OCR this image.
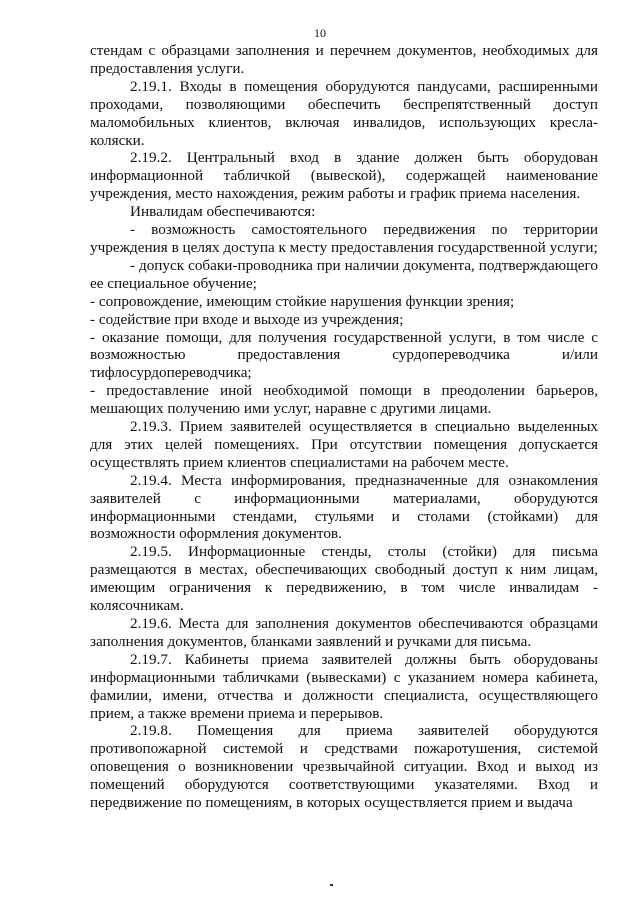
10

стендам с образцами заполнения и перечнем документов, необходимых для предоставления услуги.

2.19.1. Входы в помещения оборудуются пандусами, расширенными проходами, позволяющими обеспечить беспрепятственный доступ маломобильных клиентов, включая инвалидов, использующих кресла-коляски.

2.19.2. Центральный вход в здание должен быть оборудован информационной табличкой (вывеской), содержащей наименование учреждения, место нахождения, режим работы и график приема населения.

Инвалидам обеспечиваются:

- возможность самостоятельного передвижения по территории учреждения в целях доступа к месту предоставления государственной услуги;

- допуск собаки-проводника при наличии документа, подтверждающего ее специальное обучение;

- сопровождение, имеющим стойкие нарушения функции зрения;

- содействие при входе и выходе из учреждения;

- оказание помощи, для получения государственной услуги, в том числе с возможностью предоставления сурдопереводчика и/или тифлосурдопереводчика;

- предоставление иной необходимой помощи в преодолении барьеров, мешающих получению ими услуг, наравне с другими лицами.

2.19.3. Прием заявителей осуществляется в специально выделенных для этих целей помещениях. При отсутствии помещения допускается осуществлять прием клиентов специалистами на рабочем месте.

2.19.4. Места информирования, предназначенные для ознакомления заявителей с информационными материалами, оборудуются информационными стендами, стульями и столами (стойками) для возможности оформления документов.

2.19.5. Информационные стенды, столы (стойки) для письма размещаются в местах, обеспечивающих свободный доступ к ним лицам, имеющим ограничения к передвижению, в том числе инвалидам - колясочникам.

2.19.6. Места для заполнения документов обеспечиваются образцами заполнения документов, бланками заявлений и ручками для письма.

2.19.7. Кабинеты приема заявителей должны быть оборудованы информационными табличками (вывесками) с указанием номера кабинета, фамилии, имени, отчества и должности специалиста, осуществляющего прием, а также времени приема и перерывов.

2.19.8. Помещения для приема заявителей оборудуются противопожарной системой и средствами пожаротушения, системой оповещения о возникновении чрезвычайной ситуации. Вход и выход из помещений оборудуются соответствующими указателями. Вход и передвижение по помещениям, в которых осуществляется прием и выдача
